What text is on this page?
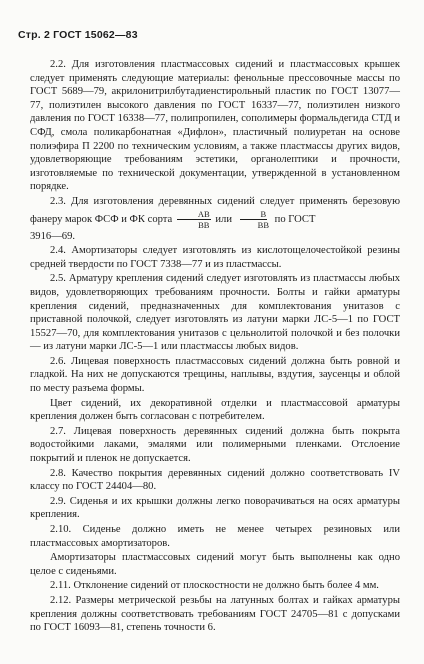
Стр. 2 ГОСТ 15062—83

2.2. Для изготовления пластмассовых сидений и пластмассовых крышек следует применять следующие материалы: фенольные прессовочные массы по ГОСТ 5689—79, акрилонитрилбутадиенстирольный пластик по ГОСТ 13077—77, полиэтилен высокого давления по ГОСТ 16337—77, полиэтилен низкого давления по ГОСТ 16338—77, полипропилен, сополимеры формальдегида СТД и СФД, смола поликарбонатная «Дифлон», пластичный полиуретан на основе полиэфира П 2200 по техническим условиям, а также пластмассы других видов, удовлетворяющие требованиям эстетики, органолептики и прочности, изготовляемые по технической документации, утвержденной в установленном порядке.

2.3. Для изготовления деревянных сидений следует применять березовую фанеру марок ФСФ и ФК сорта $\frac{АВ}{ВВ}$ или $\frac{В}{ВВ}$ по ГОСТ
3916—69.

2.4. Амортизаторы следует изготовлять из кислотощелочестойкой резины средней твердости по ГОСТ 7338—77 и из пластмассы.

2.5. Арматуру крепления сидений следует изготовлять из пластмассы любых видов, удовлетворяющих требованиям прочности. Болты и гайки арматуры крепления сидений, предназначенных для комплектования унитазов с приставной полочкой, следует изготовлять из латуни марки ЛС-5—1 по ГОСТ 15527—70, для комплектования унитазов с цельнолитой полочкой и без полочки — из латуни марки ЛС-5—1 или пластмассы любых видов.

2.6. Лицевая поверхность пластмассовых сидений должна быть ровной и гладкой. На них не допускаются трещины, наплывы, вздутия, заусенцы и облой по месту разъема формы.

Цвет сидений, их декоративной отделки и пластмассовой арматуры крепления должен быть согласован с потребителем.

2.7. Лицевая поверхность деревянных сидений должна быть покрыта водостойкими лаками, эмалями или полимерными пленками. Отслоение покрытий и пленок не допускается.

2.8. Качество покрытия деревянных сидений должно соответствовать IV классу по ГОСТ 24404—80.

2.9. Сиденья и их крышки должны легко поворачиваться на осях арматуры крепления.

2.10. Сиденье должно иметь не менее четырех резиновых или пластмассовых амортизаторов.

Амортизаторы пластмассовых сидений могут быть выполнены как одно целое с сиденьями.

2.11. Отклонение сидений от плоскостности не должно быть более 4 мм.

2.12. Размеры метрической резьбы на латунных болтах и гайках арматуры крепления должны соответствовать требованиям ГОСТ 24705—81 с допусками по ГОСТ 16093—81, степень точности 6.
